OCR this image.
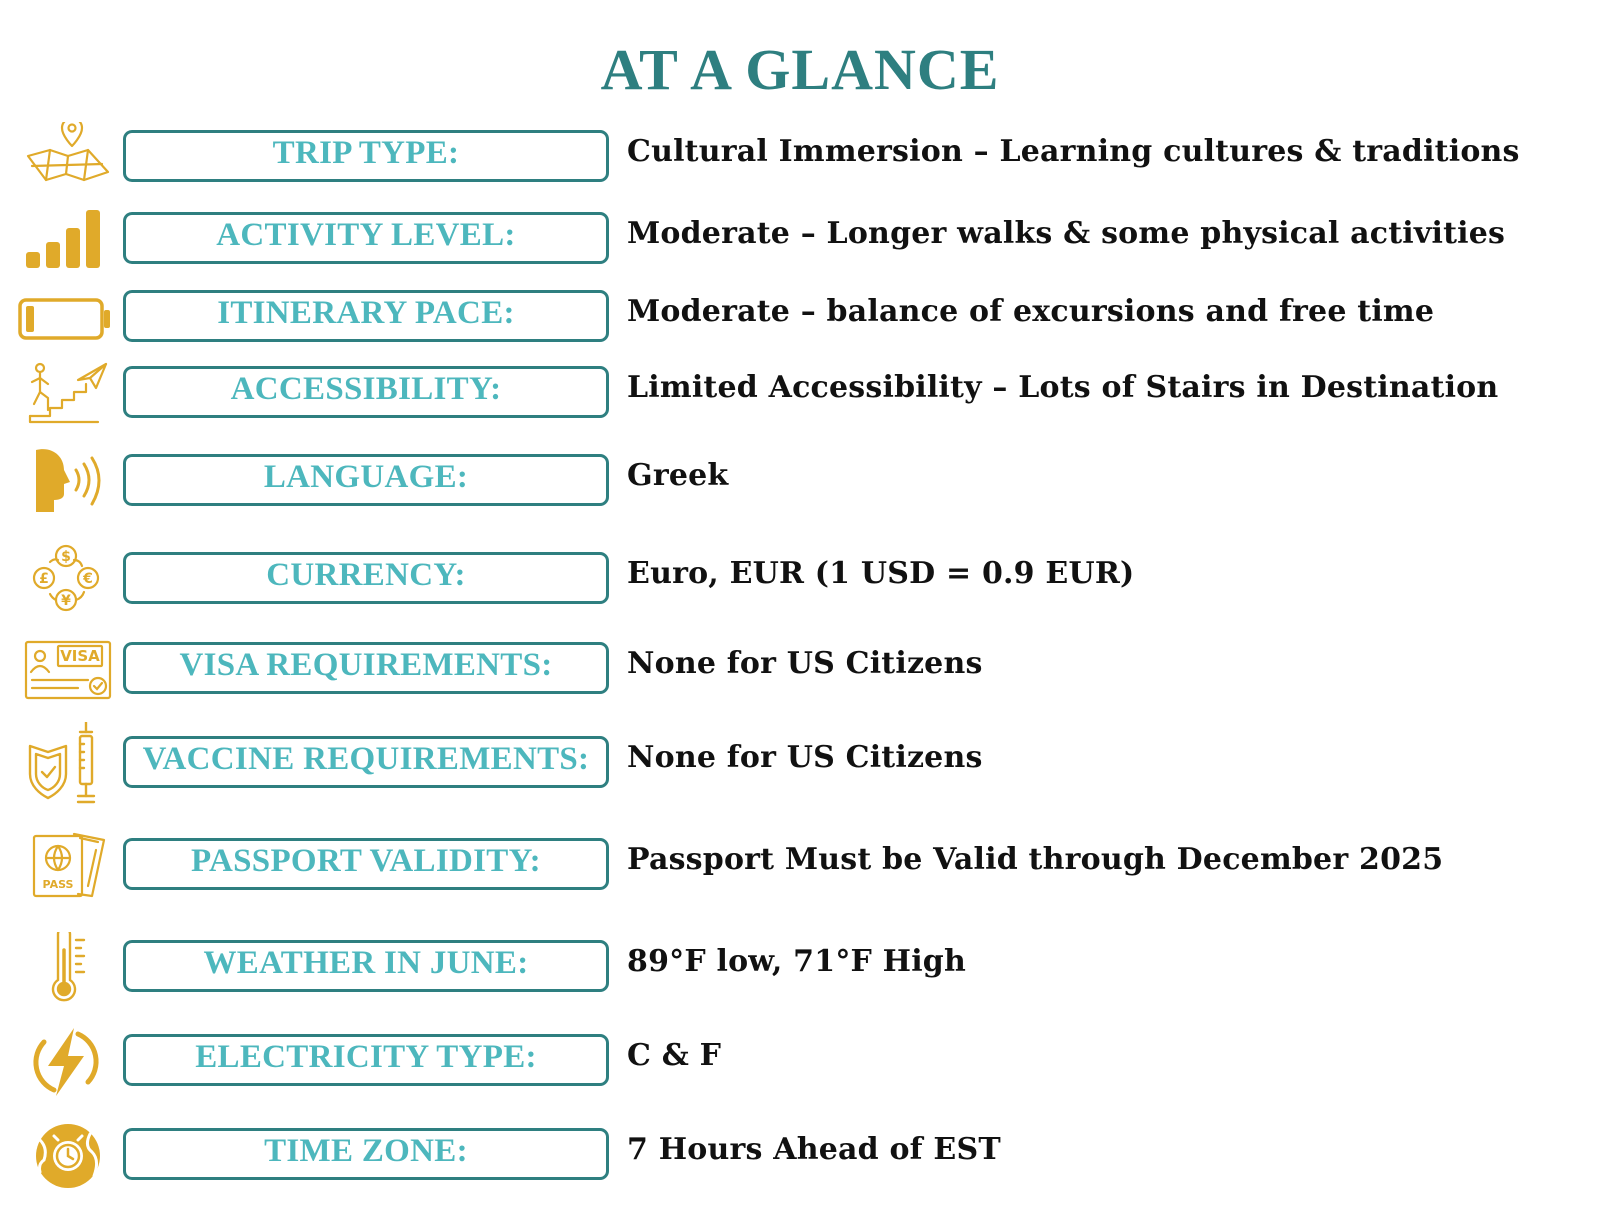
AT A GLANCE
TRIP TYPE:	Cultural Immersion – Learning cultures & traditions
ACTIVITY LEVEL:	Moderate – Longer walks & some physical activities
ITINERARY PACE:	Moderate – balance of excursions and free time
ACCESSIBILITY:	Limited Accessibility – Lots of Stairs in Destination
LANGUAGE:	Greek
$
£ €
¥
CURRENCY:	Euro, EUR (1 USD = 0.9 EUR)
VISA	VISA REQUIREMENTS:	None for US Citizens
VACCINE REQUIREMENTS:	None for US Citizens
PASS
PASSPORT VALIDITY:	Passport Must be Valid through December 2025
WEATHER IN JUNE:	89°F low, 71°F High
ELECTRICITY TYPE:	C & F
TIME ZONE:	7 Hours Ahead of EST
